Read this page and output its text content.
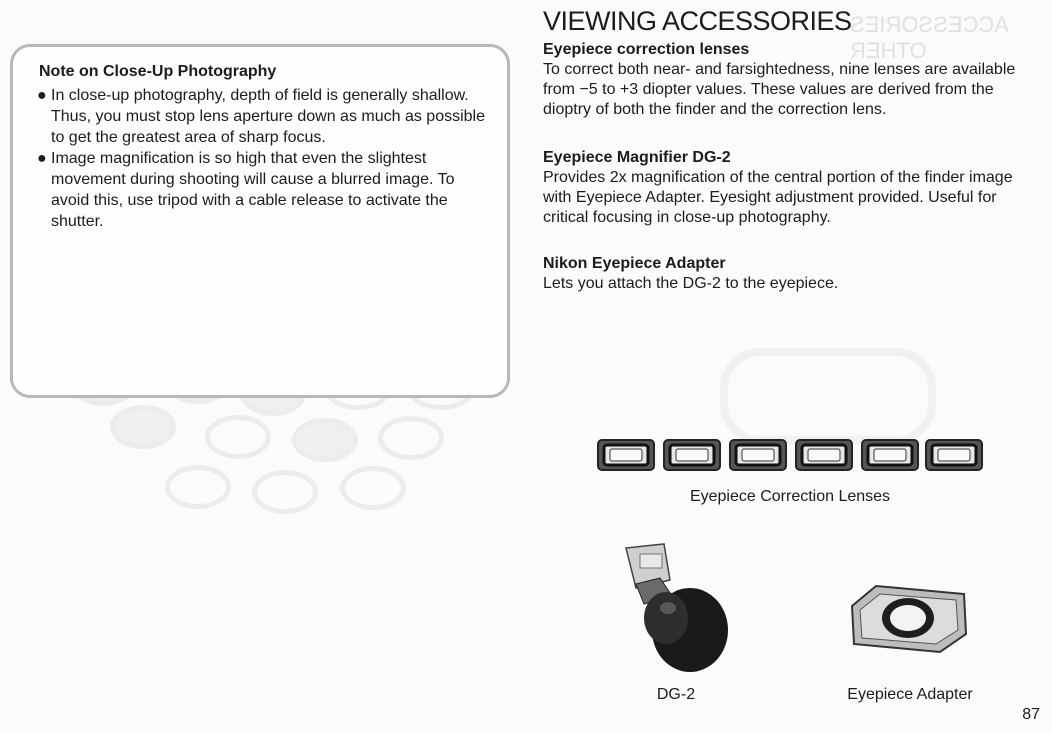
ƧƎIЯOƧƧƎƆƆA ЯƎHTO
Note on Close-Up Photography
● In close-up photography, depth of field is generally shallow. Thus, you must stop lens aperture down as much as possible to get the greatest area of sharp focus.
● Image magnification is so high that even the slightest movement during shooting will cause a blurred image. To avoid this, use tripod with a cable release to activate the shutter.
VIEWING ACCESSORIES
Eyepiece correction lenses

To correct both near- and farsightedness, nine lenses are available from −5 to +3 diopter values. These values are derived from the dioptry of both the finder and the correction lens.

Eyepiece Magnifier DG-2

Provides 2x magnification of the central portion of the finder image with Eyepiece Adapter. Eyesight adjustment provided. Useful for critical focusing in close-up photography.

Nikon Eyepiece Adapter

Lets you attach the DG-2 to the eyepiece.

Eyepiece Correction Lenses
DG-2	Eyepiece Adapter
87
